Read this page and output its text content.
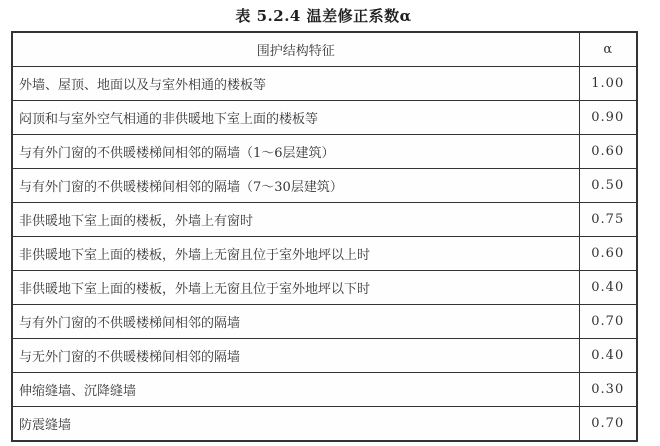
表 5.2.4 温差修正系数α
围护结构特征	α
外墙、屋顶、地面以及与室外相通的楼板等	1.00
闷顶和与室外空气相通的非供暖地下室上面的楼板等	0.90
与有外门窗的不供暖楼梯间相邻的隔墙（1～6层建筑）	0.60
与有外门窗的不供暖楼梯间相邻的隔墙（7～30层建筑）	0.50
非供暖地下室上面的楼板，外墙上有窗时	0.75
非供暖地下室上面的楼板，外墙上无窗且位于室外地坪以上时	0.60
非供暖地下室上面的楼板，外墙上无窗且位于室外地坪以下时	0.40
与有外门窗的不供暖楼梯间相邻的隔墙	0.70
与无外门窗的不供暖楼梯间相邻的隔墙	0.40
伸缩缝墙、沉降缝墙	0.30
防震缝墙	0.70
